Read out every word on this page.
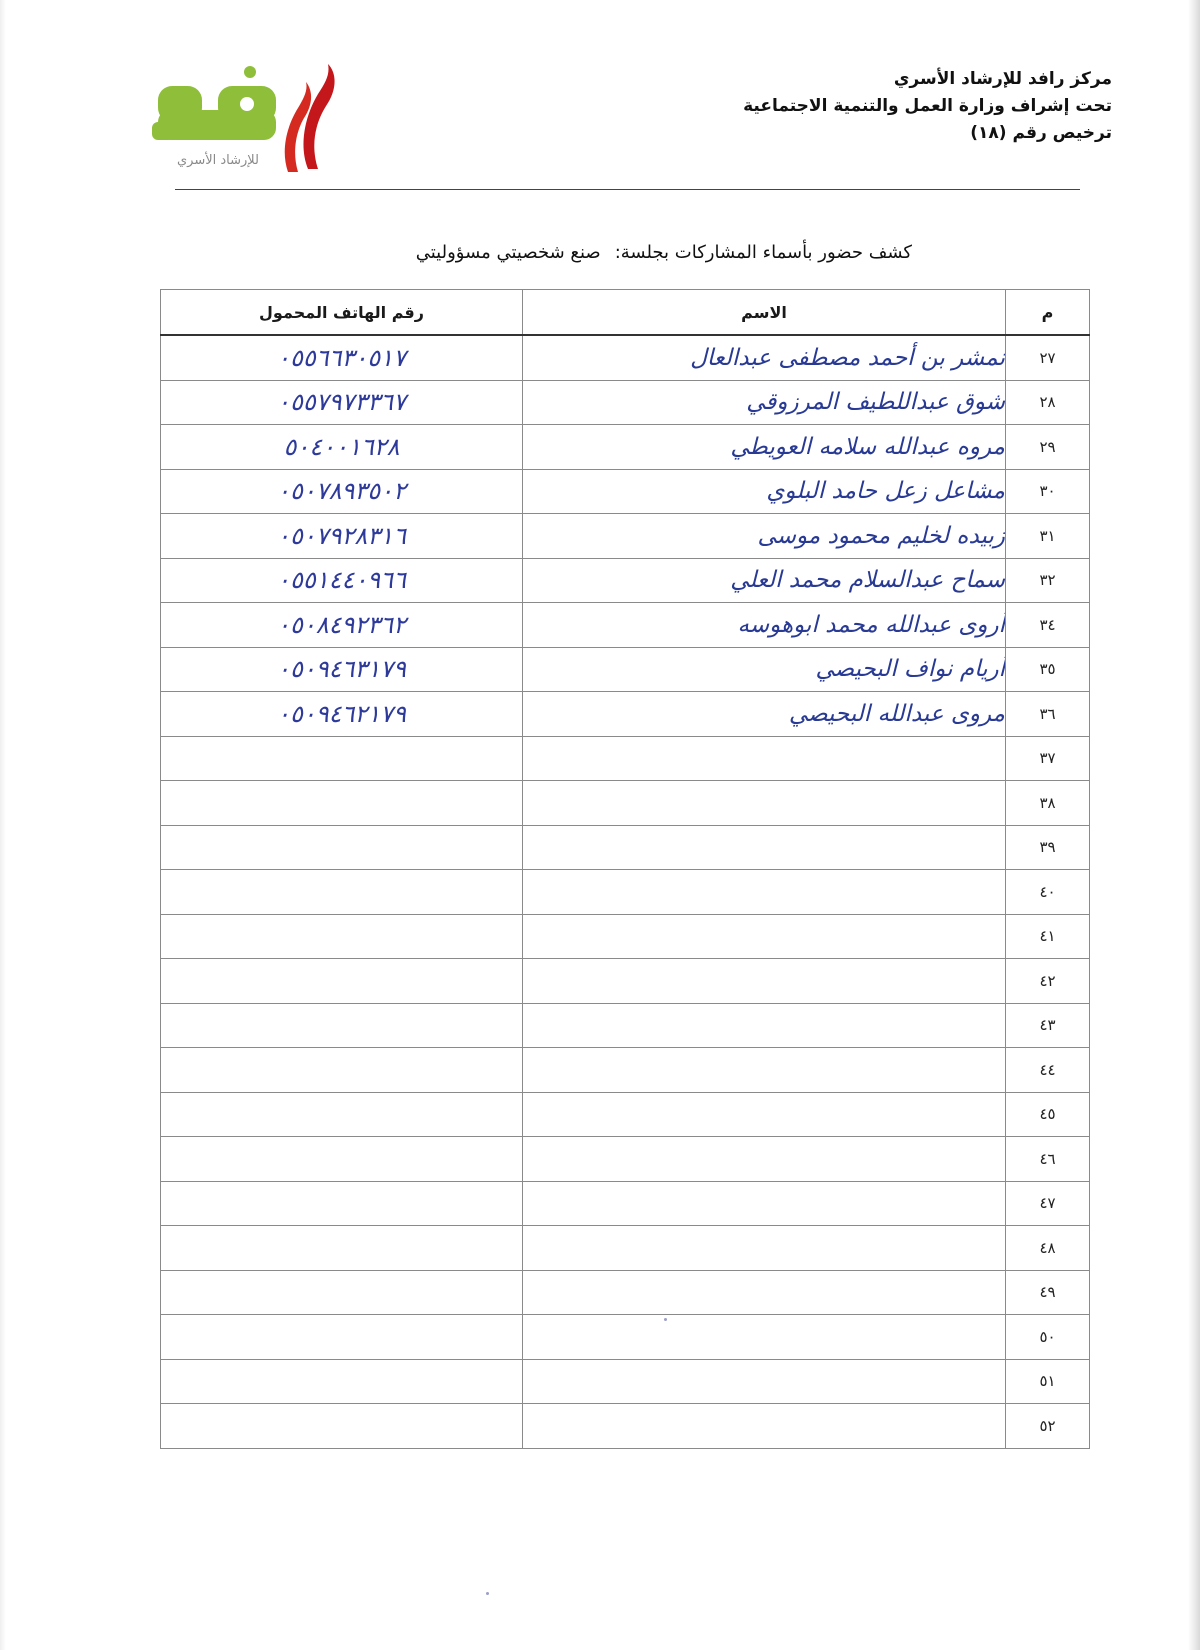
للإرشاد الأسري
مركز رافد للإرشاد الأسري
تحت إشراف وزارة العمل والتنمية الاجتماعية
ترخيص رقم (١٨)
كشف حضور بأسماء المشاركات بجلسة:صنع شخصيتي مسؤوليتي
م	الاسم	رقم الهاتف المحمول
٢٧	نمشر بن أحمد مصطفى عبدالعال	٠٥٥٦٦٣٠٥١٧
٢٨	شوق عبداللطيف المرزوقي	٠٥٥٧٩٧٣٣٦٧
٢٩	مروه عبدالله سلامه العويطي	٥٠٤٠٠١٦٢٨
٣٠	مشاعل زعل حامد البلوي	٠٥٠٧٨٩٣٥٠٢
٣١	زبيده لخليم محمود موسى	٠٥٠٧٩٢٨٣١٦
٣٢	سماح عبدالسلام محمد العلي	٠٥٥١٤٤٠٩٦٦
٣٤	أروى عبدالله محمد ابوهوسه	٠٥٠٨٤٩٢٣٦٢
٣٥	أريام نواف البحيصي	٠٥٠٩٤٦٣١٧٩
٣٦	مروى عبدالله البحيصي	٠٥٠٩٤٦٢١٧٩
٣٧		
٣٨		
٣٩		
٤٠		
٤١		
٤٢		
٤٣		
٤٤		
٤٥		
٤٦		
٤٧		
٤٨		
٤٩		
٥٠		
٥١		
٥٢		
